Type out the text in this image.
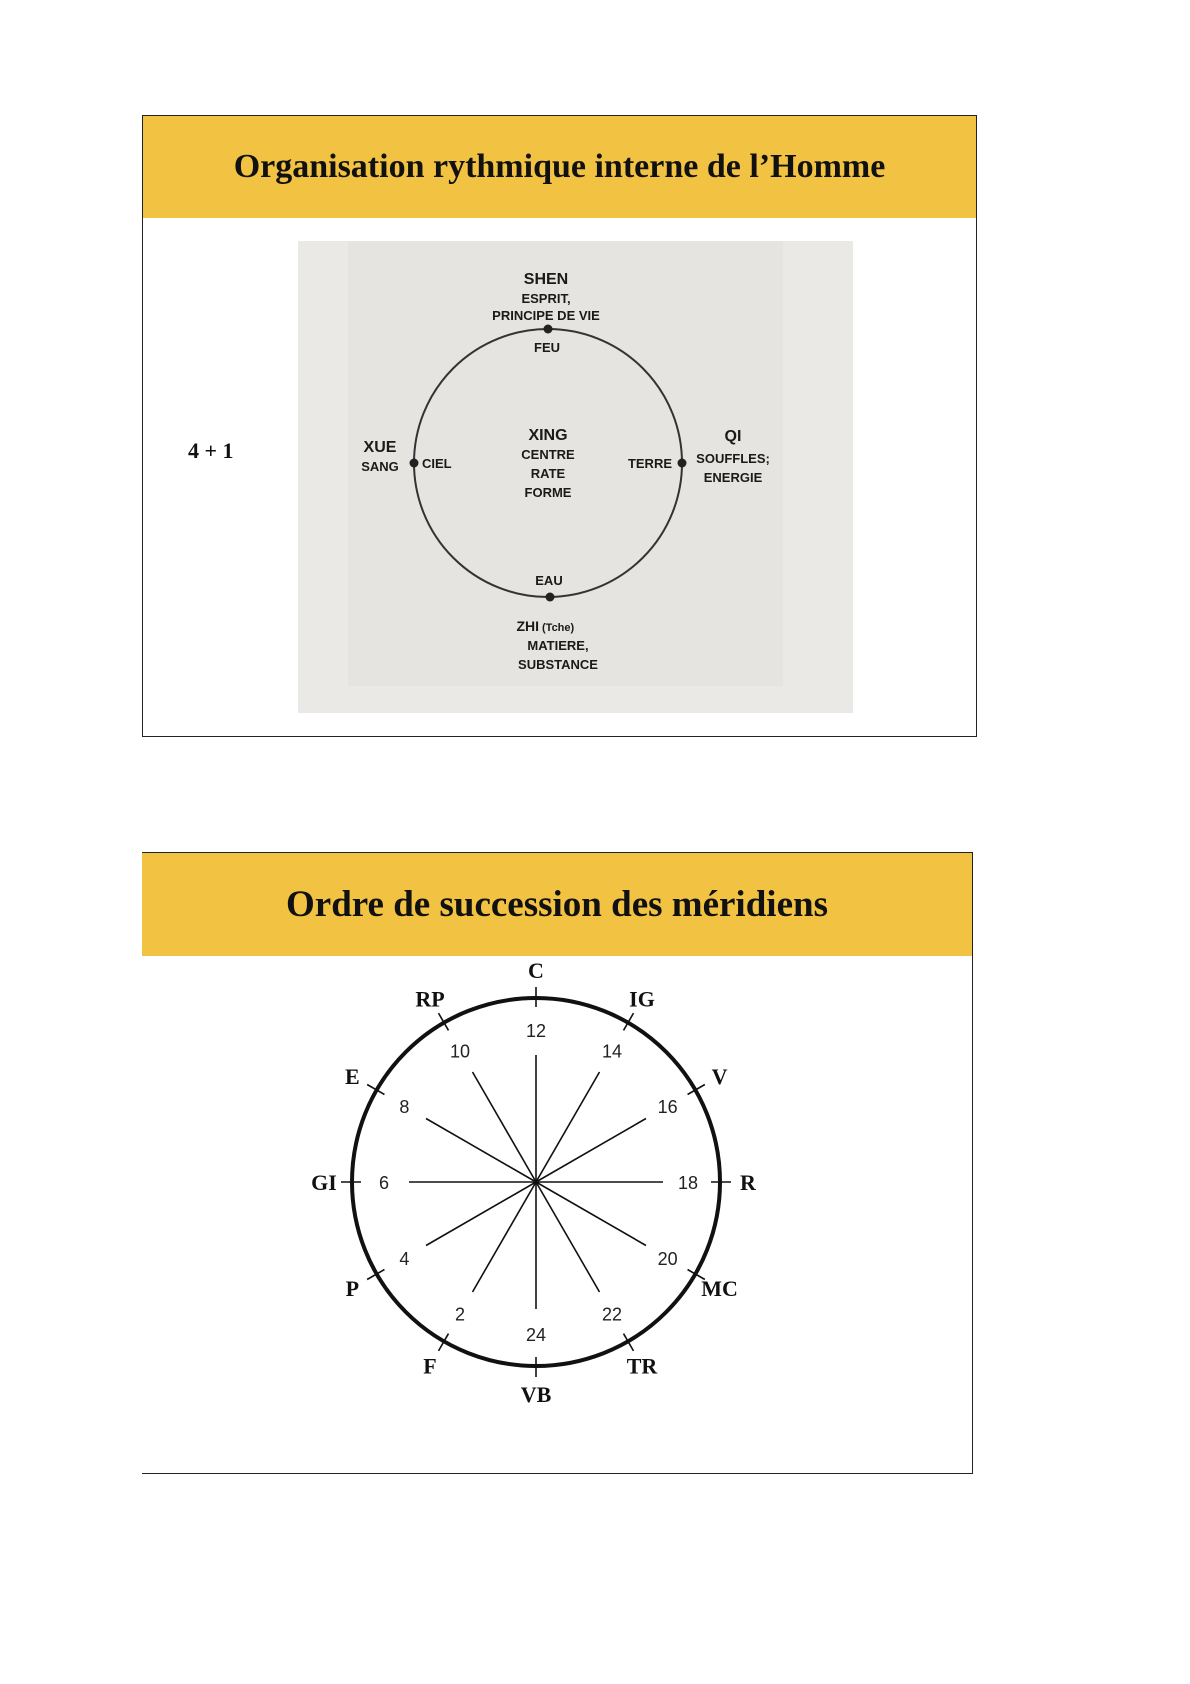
Organisation rythmique interne de l’Homme
4 + 1
SHEN
ESPRIT,
PRINCIPE DE VIE
FEU
XUE
SANG CIEL
XING
CENTRE
RATE
FORME
TERRE
QI
SOUFFLES;
ENERGIE
EAU
ZHI (Tche)
MATIERE,
SUBSTANCE
Ordre de succession des méridiens
12
C
14
IG
16
V
18 R
20
MC
22
TR
24
VB
2
F
4
P
6
GI
8
E
10
RP
